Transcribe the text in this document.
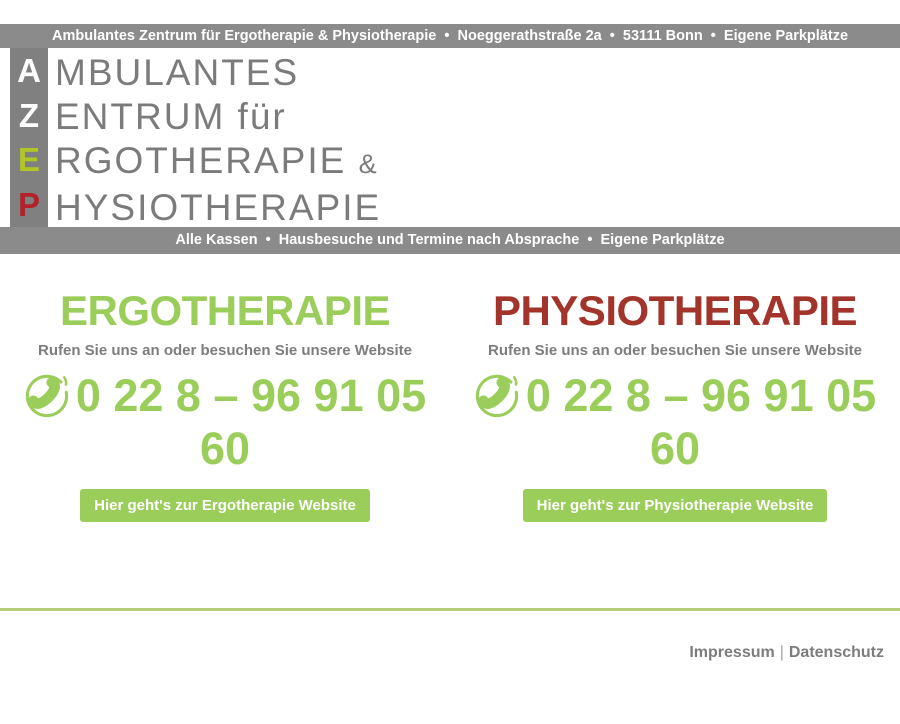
Ambulantes Zentrum für Ergotherapie & Physiotherapie  •  Noeggerathstraße 2a  •  53111 Bonn  •  Eigene Parkplätze
A
Z
E
P
MBULANTES
ENTRUM für
RGOTHERAPIE &
HYSIOTHERAPIE
Alle Kassen  •  Hausbesuche und Termine nach Absprache  •  Eigene Parkplätze
ERGOTHERAPIE

Rufen Sie uns an oder besuchen Sie unsere Website

0 22 8 – 96 91 05 60
Hier geht's zur Ergotherapie Website
PHYSIOTHERAPIE

Rufen Sie uns an oder besuchen Sie unsere Website

0 22 8 – 96 91 05 60
Hier geht's zur Physiotherapie Website
Impressum | Datenschutz
